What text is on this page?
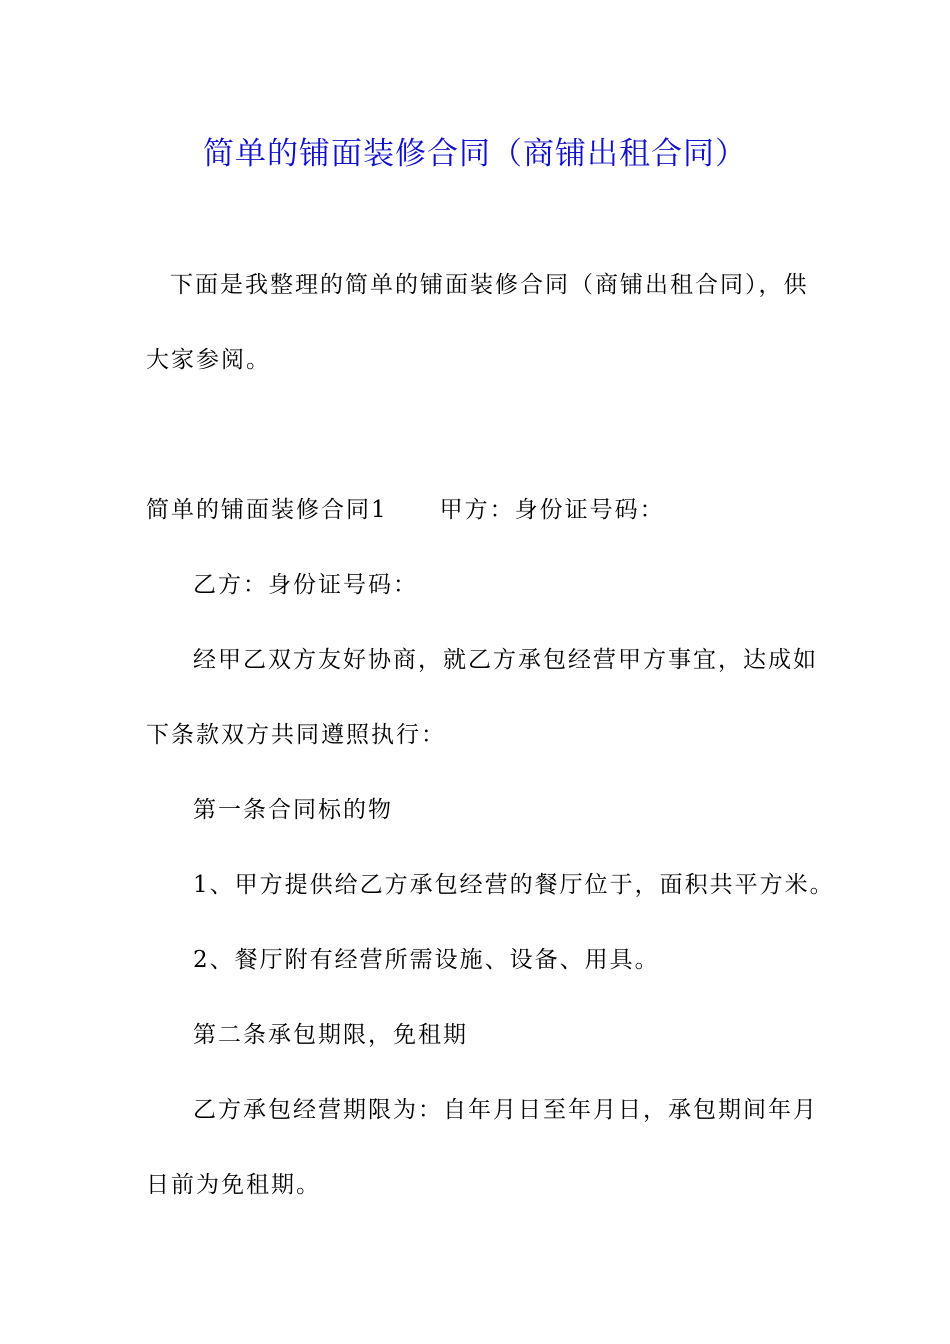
简单的铺面装修合同（商铺出租合同）
下面是我整理的简单的铺面装修合同（商铺出租合同），供
大家参阅。
简单的铺面装修合同1 甲方：身份证号码：
乙方：身份证号码：
经甲乙双方友好协商，就乙方承包经营甲方事宜，达成如
下条款双方共同遵照执行：
第一条合同标的物
1、甲方提供给乙方承包经营的餐厅位于，面积共平方米。
2、餐厅附有经营所需设施、设备、用具。
第二条承包期限，免租期
乙方承包经营期限为：自年月日至年月日，承包期间年月
日前为免租期。
